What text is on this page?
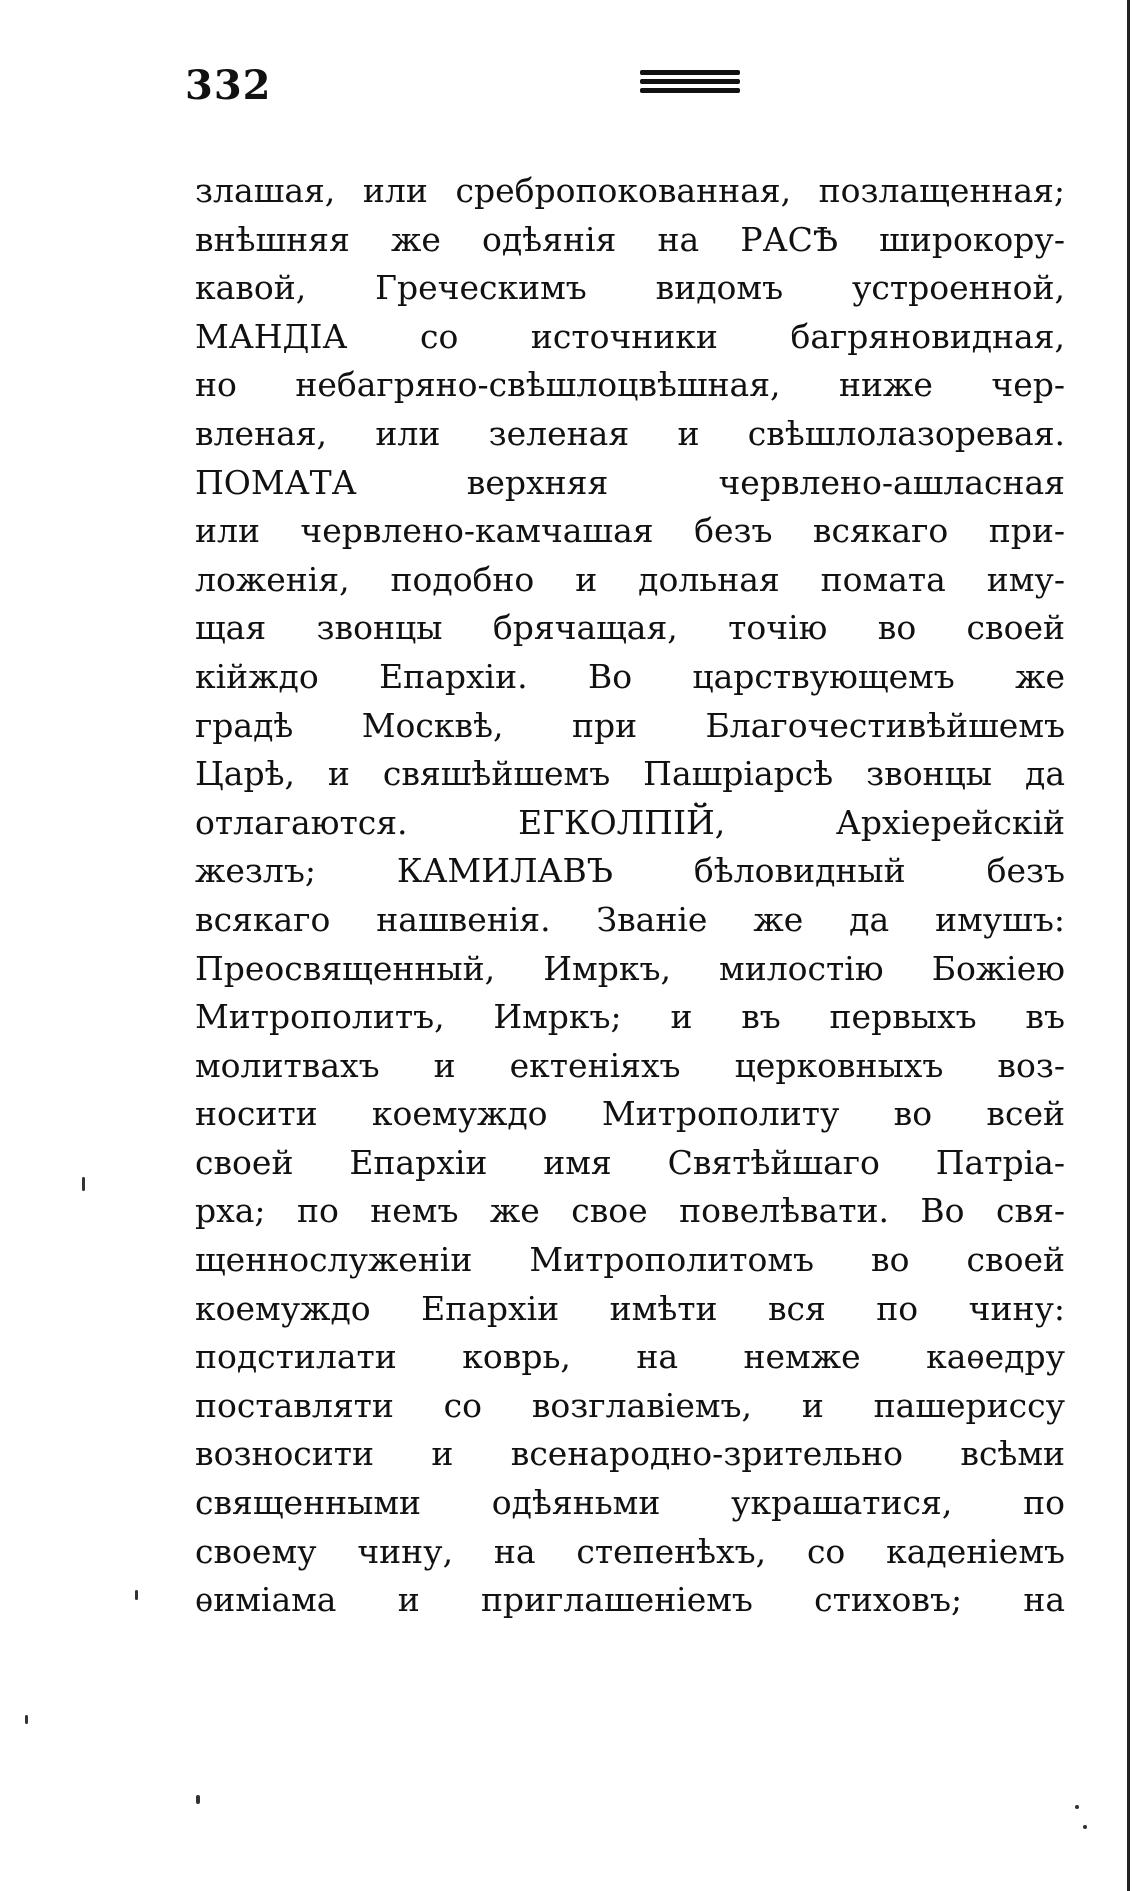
332
злашая, или сребропокованная, позлащенная;
внѣшняя же одѣянія на РАСѢ широкору-
кавой, Греческимъ видомъ устроенной,
МАНДІА со источники багряновидная,
но небагряно-свѣшлоцвѣшная, ниже чер-
вленая, или зеленая и свѣшлолазоревая.
ПОМАТА верхняя червлено-ашласная
или червлено-камчашая безъ всякаго при-
ложенія, подобно и дольная помата иму-
щая звонцы брячащая, точію во своей
кійждо Епархіи. Во царствующемъ же
градѣ Москвѣ, при Благочестивѣйшемъ
Царѣ, и свяшѣйшемъ Пашріарсѣ звонцы да
отлагаются. ЕГКОЛПІЙ, Архіерейскій
жезлъ; КАМИЛАВЪ бѣловидный безъ
всякаго нашвенія. Званіе же да имушъ:
Преосвященный, Имркъ, милостію Божіею
Митрополитъ, Имркъ; и въ первыхъ въ
молитвахъ и ектеніяхъ церковныхъ воз-
носити коемуждо Митрополиту во всей
своей Епархіи имя Святѣйшаго Патріа-
рха; по немъ же свое повелѣвати. Во свя-
щеннослуженіи Митрополитомъ во своей
коемуждо Епархіи имѣти вся по чину:
подстилати коврь, на немже каѳедру
поставляти со возглавіемъ, и пашериссу
возносити и всенародно-зрительно всѣми
священными одѣяньми украшатися, по
своему чину, на степенѣхъ, со каденіемъ
ѳиміама и приглашеніемъ стиховъ; на
